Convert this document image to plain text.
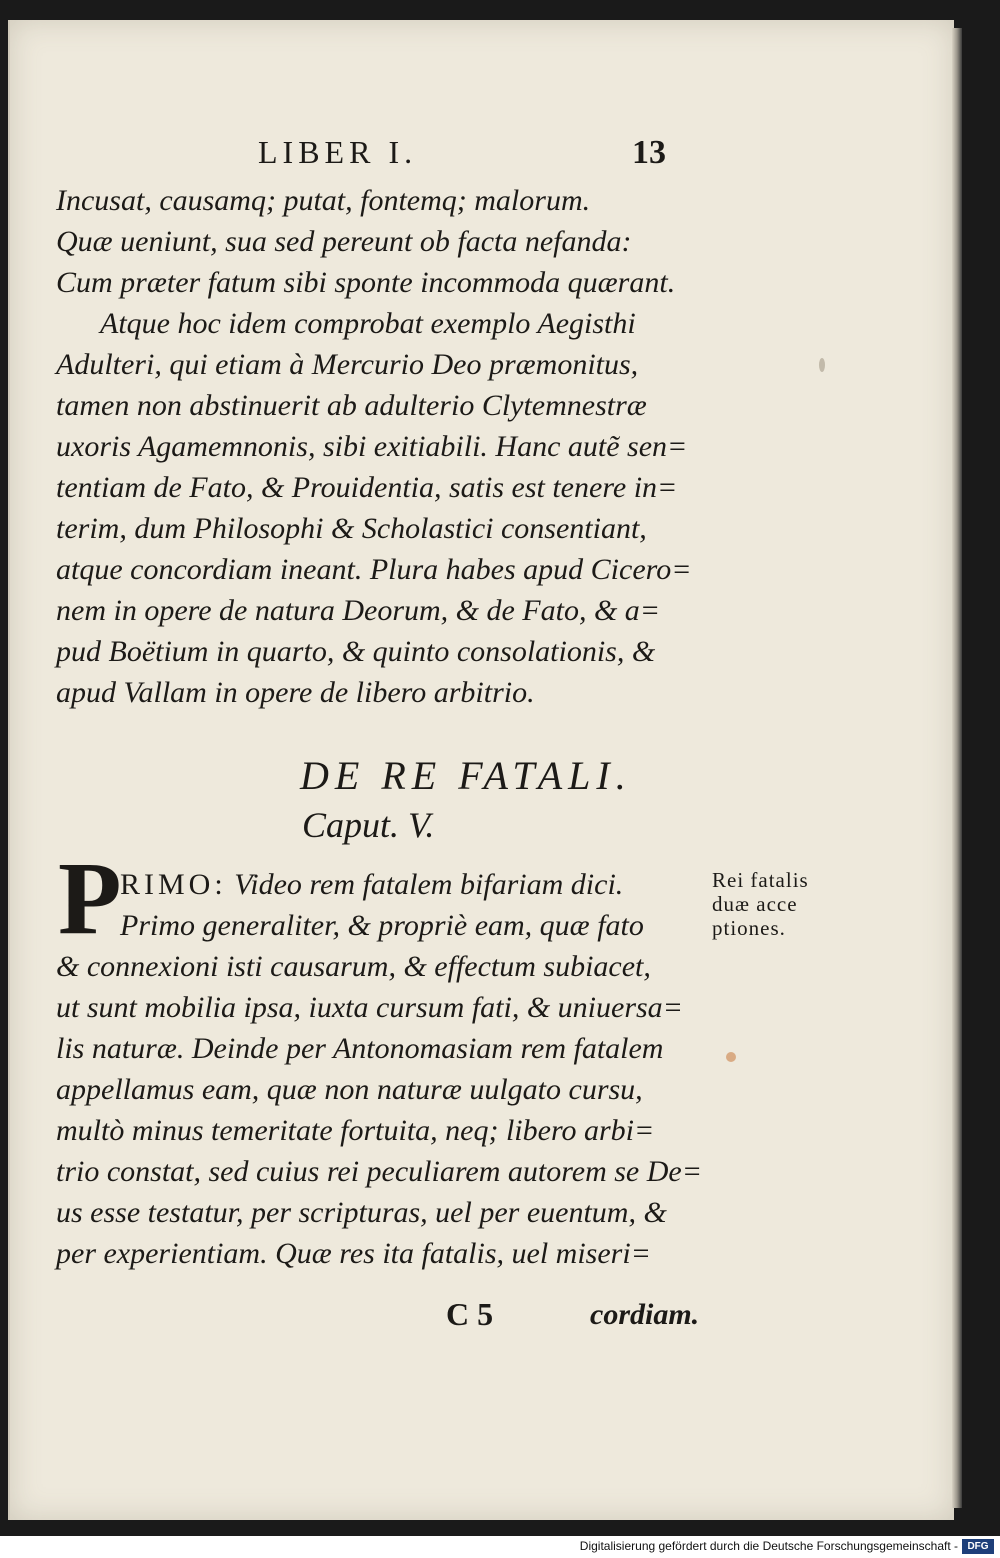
LIBER I.	13
Incusat, causamq; putat, fontemq; malorum.
Quæ ueniunt, sua sed pereunt ob facta nefanda:
Cum præter fatum sibi sponte incommoda quærant.
Atque hoc idem comprobat exemplo Aegisthi
Adulteri, qui etiam à Mercurio Deo præmonitus,
tamen non abstinuerit ab adulterio Clytemnestræ
uxoris Agamemnonis, sibi exitiabili. Hanc autẽ sen=
tentiam de Fato, & Prouidentia, satis est tenere in=
terim, dum Philosophi & Scholastici consentiant,
atque concordiam ineant. Plura habes apud Cicero=
nem in opere de natura Deorum, & de Fato, & a=
pud Boëtium in quarto, & quinto consolationis, &
apud Vallam in opere de libero arbitrio.
DE RE FATALI.
Caput. V.
P
RIMO: Video rem fatalem bifariam dici.
Primo generaliter, & propriè eam, quæ fato
& connexioni isti causarum, & effectum subiacet,
ut sunt mobilia ipsa, iuxta cursum fati, & uniuersa=
lis naturæ. Deinde per Antonomasiam rem fatalem
appellamus eam, quæ non naturæ uulgato cursu,
multò minus temeritate fortuita, neq; libero arbi=
trio constat, sed cuius rei peculiarem autorem se De=
us esse testatur, per scripturas, uel per euentum, &
per experientiam. Quæ res ita fatalis, uel miseri=
Rei fatalis
duæ acce
ptiones.
C 5	cordiam.
Digitalisierung gefördert durch die Deutsche Forschungsgemeinschaft - DFG
